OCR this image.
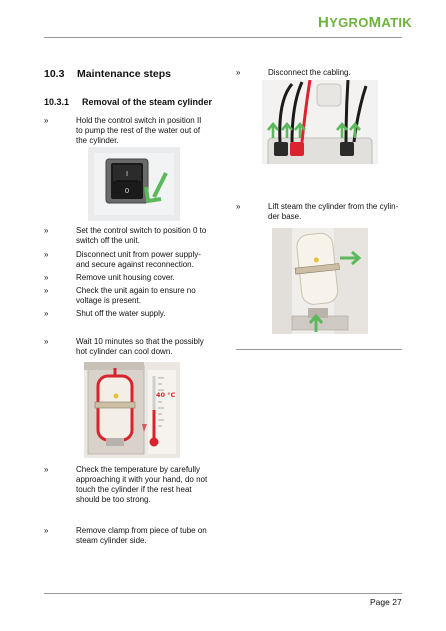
HYGROMATIK
10.3 Maintenance steps
10.3.1 Removal of the steam cylinder
»	Hold the control switch in position II
to pump the rest of the water out of
the cylinder.
I
0
»	Set the control switch to position 0 to
switch off the unit.
»	Disconnect unit from power supply-
and secure against reconnection.
»	Remove unit housing cover.
»	Check the unit again to ensure no
voltage is present.
»	Shut off the water supply.
»	Wait 10 minutes so that the possibly
hot cylinder can cool down.
40 °C
»	Check the temperature by carefully
approaching it with your hand, do not
touch the cylinder if the rest heat
should be too strong.
»	Remove clamp from piece of tube on
steam cylinder side.
»	Disconnect the cabling.
»	Lift steam the cylinder from the cylin-
der base.
Page 27
